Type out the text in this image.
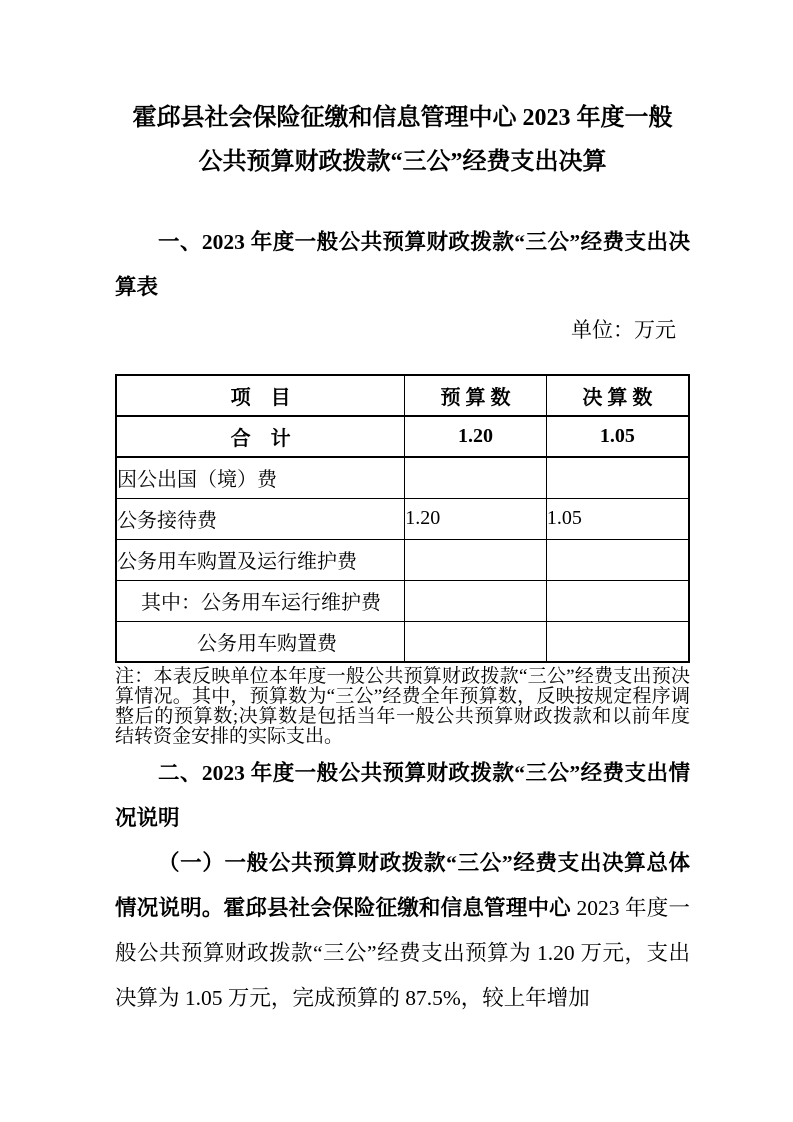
霍邱县社会保险征缴和信息管理中心 2023 年度一般
公共预算财政拨款“三公”经费支出决算

一、2023 年度一般公共预算财政拨款“三公”经费支出决算表

单位：万元

项　目	预 算 数	决 算 数
合　计	1.20	1.05
因公出国（境）费		
公务接待费	1.20	1.05
公务用车购置及运行维护费		
其中：公务用车运行维护费		
公务用车购置费		

注：本表反映单位本年度一般公共预算财政拨款“三公”经费支出预决算情况。其中，预算数为“三公”经费全年预算数，反映按规定程序调整后的预算数;决算数是包括当年一般公共预算财政拨款和以前年度结转资金安排的实际支出。

二、2023 年度一般公共预算财政拨款“三公”经费支出情况说明

（一）一般公共预算财政拨款“三公”经费支出决算总体情况说明。霍邱县社会保险征缴和信息管理中心 2023 年度一般公共预算财政拨款“三公”经费支出预算为 1.20 万元，支出决算为 1.05 万元，完成预算的 87.5%，较上年增加
